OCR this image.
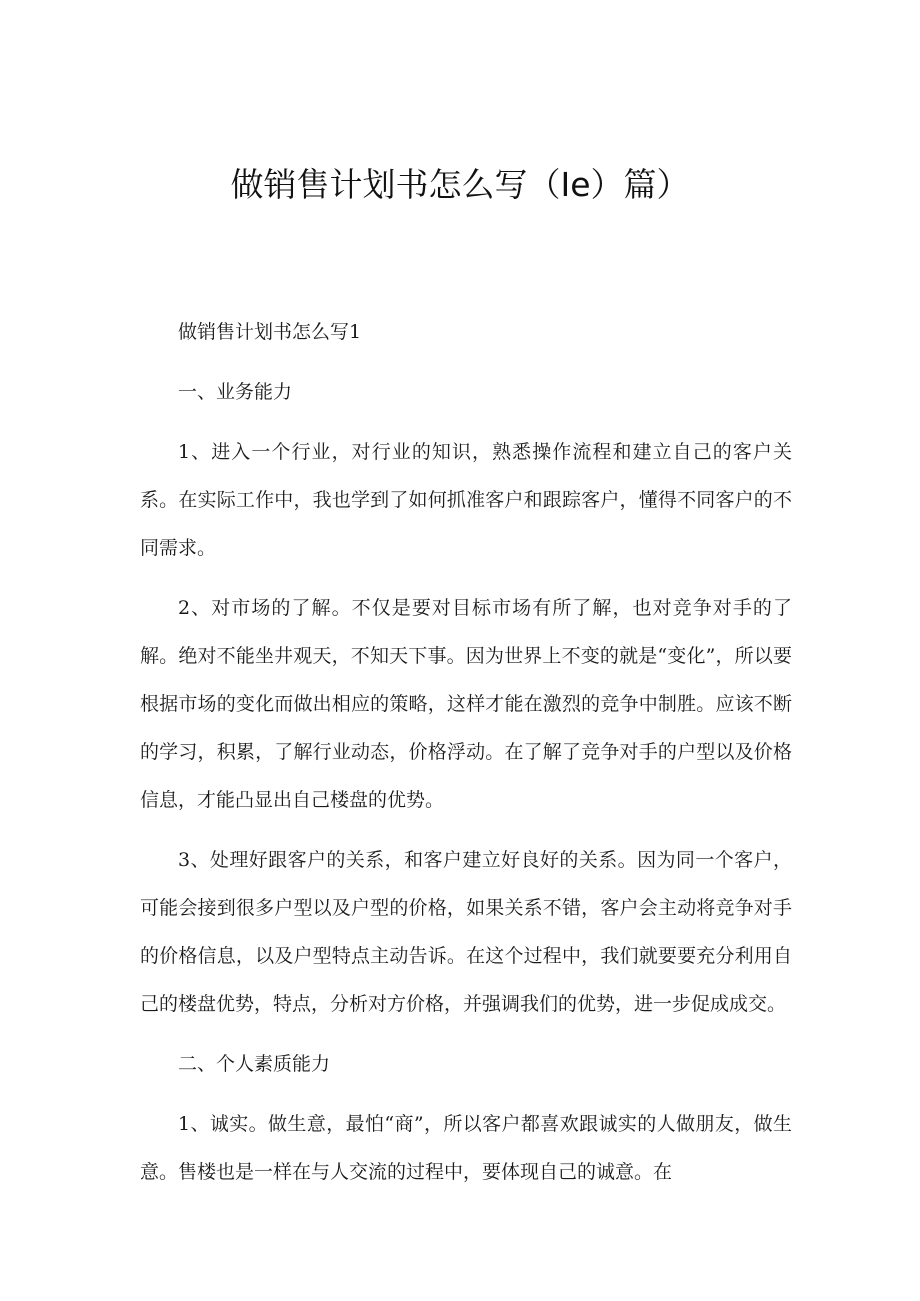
做销售计划书怎么写（Ie）篇）

做销售计划书怎么写1

一、业务能力

1、进入一个行业，对行业的知识，熟悉操作流程和建立自己的客户关系。在实际工作中，我也学到了如何抓准客户和跟踪客户，懂得不同客户的不同需求。

2、对市场的了解。不仅是要对目标市场有所了解，也对竞争对手的了解。绝对不能坐井观天，不知天下事。因为世界上不变的就是“变化”，所以要根据市场的变化而做出相应的策略，这样才能在激烈的竞争中制胜。应该不断的学习，积累，了解行业动态，价格浮动。在了解了竞争对手的户型以及价格信息，才能凸显出自己楼盘的优势。

3、处理好跟客户的关系，和客户建立好良好的关系。因为同一个客户，可能会接到很多户型以及户型的价格，如果关系不错，客户会主动将竞争对手的价格信息，以及户型特点主动告诉。在这个过程中，我们就要要充分利用自己的楼盘优势，特点，分析对方价格，并强调我们的优势，进一步促成成交。

二、个人素质能力

1、诚实。做生意，最怕“商”，所以客户都喜欢跟诚实的人做朋友，做生意。售楼也是一样在与人交流的过程中，要体现自己的诚意。在
